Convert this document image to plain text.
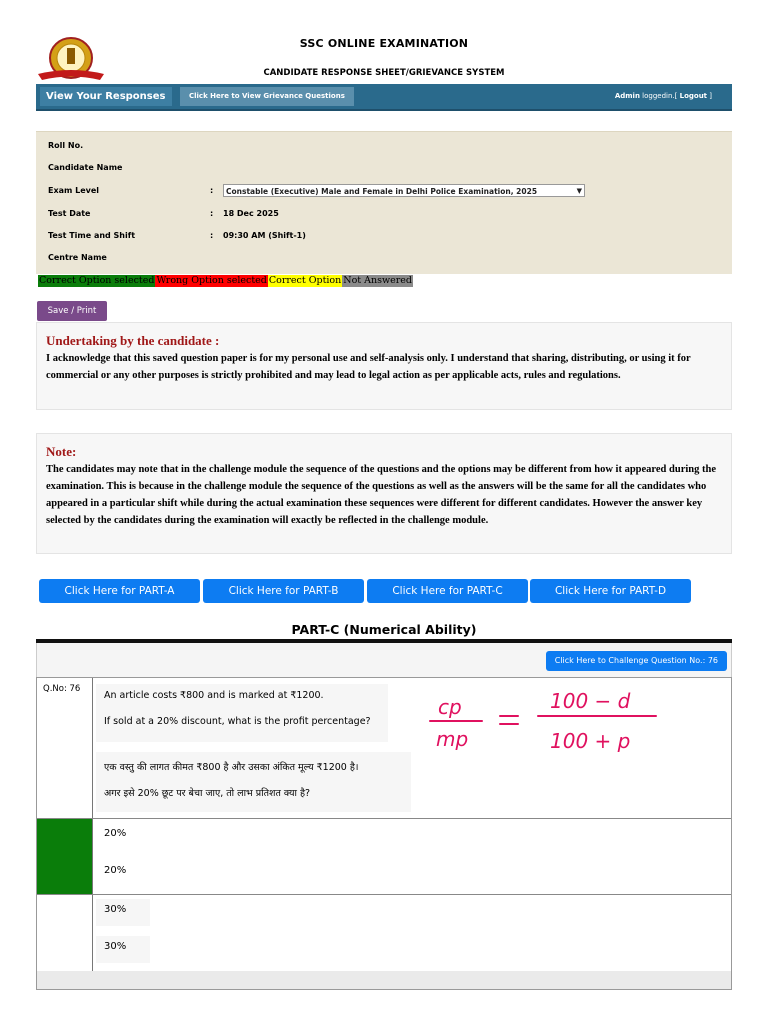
SSC ONLINE EXAMINATION
CANDIDATE RESPONSE SHEET/GRIEVANCE SYSTEM
View Your Responses	Click Here to View Grievance Questions	Admin loggedin.[ Logout ]
Roll No.
Candidate Name
Exam Level	:	Constable (Executive) Male and Female in Delhi Police Examination, 2025	▼
Test Date	: 18 Dec 2025
Test Time and Shift	: 09:30 AM (Shift-1)
Centre Name
Correct Option selected Wrong Option selected Correct Option Not Answered
Save / Print
Undertaking by the candidate :

I acknowledge that this saved question paper is for my personal use and self-analysis only. I understand that sharing, distributing, or using it for commercial or any other purposes is strictly prohibited and may lead to legal action as per applicable acts, rules and regulations.

Note:

The candidates may note that in the challenge module the sequence of the questions and the options may be different from how it appeared during the examination. This is because in the challenge module the sequence of the questions as well as the answers will be the same for all the candidates who appeared in a particular shift while during the actual examination these sequences were different for different candidates. However the answer key selected by the candidates during the examination will exactly be reflected in the challenge module.

Click Here for PART-A	Click Here for PART-B	Click Here for PART-C	Click Here for PART-D
PART-C (Numerical Ability)
Click Here to Challenge Question No.: 76
Q.No: 76
An article costs ₹800 and is marked at ₹1200.
If sold at a 20% discount, what is the profit percentage?
एक वस्तु की लागत कीमत ₹800 है और उसका अंकित मूल्य ₹1200 है।
अगर इसे 20% छूट पर बेचा जाए, तो लाभ प्रतिशत क्या है?
20%
20%
30%
30%
cp
mp
100 − d
100 + p
